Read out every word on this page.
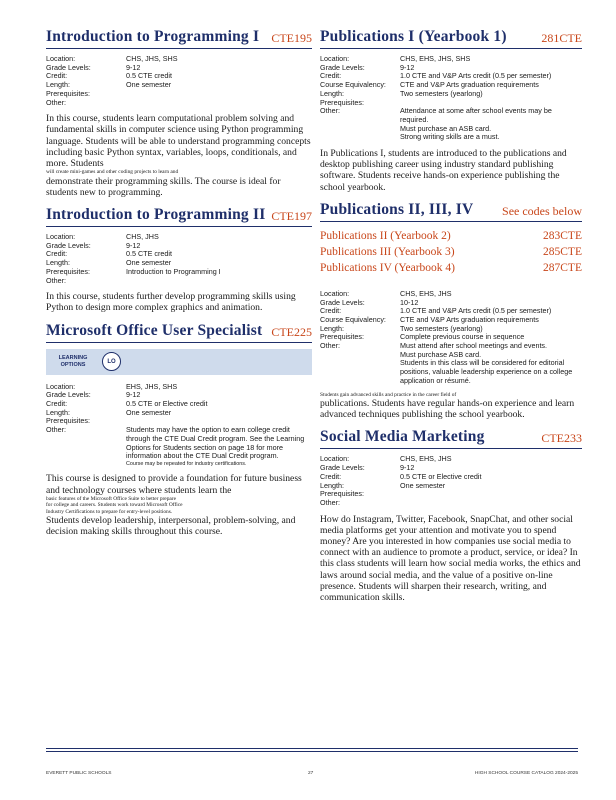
Introduction to Programming I CTE195
Location:	CHS, JHS, SHS
Grade Levels:	9-12
Credit:	0.5 CTE credit
Length:	One semester
Prerequisites:
Other:
In this course, students learn computational problem solving and fundamental skills in computer science using Python programming language. Students will be able to understand programming concepts including basic Python syntax, variables, loops, conditionals, and more. Students
will create mini-games and other coding projects to learn and
demonstrate their programming skills. The course is ideal for students new to programming.
Introduction to Programming II CTE197
Location:	CHS, JHS
Grade Levels:	9-12
Credit:	0.5 CTE credit
Length:	One semester
Prerequisites:	Introduction to Programming I
Other:
In this course, students further develop programming skills using Python to design more complex graphics and animation.
Microsoft Office User Specialist CTE225
LEARNING OPTIONS	LO
Location:	EHS, JHS, SHS
Grade Levels:	9-12
Credit:	0.5 CTE or Elective credit
Length:	One semester
Prerequisites:
Other:	Students may have the option to earn college credit through the CTE Dual Credit program. See the Learning Options for Students section on page 18 for more information about the CTE Dual Credit program.
Course may be repeated for industry certifications.
This course is designed to provide a foundation for future business and technology courses where students learn the
basic features of the Microsoft Office Suite to better prepare
for college and careers. Students work toward Microsoft Office
Industry Certifications to prepare for entry-level positions.
Students develop leadership, interpersonal, problem-solving, and decision making skills throughout this course.
Publications I (Yearbook 1)	281CTE
Location:	CHS, EHS, JHS, SHS
Grade Levels:	9-12
Credit:	1.0 CTE and V&P Arts credit (0.5 per semester)
Course Equivalency:	CTE and V&P Arts graduation requirements
Length:	Two semesters (yearlong)
Prerequisites:
Other:	Attendance at some after school events may be required.
Must purchase an ASB card.
Strong writing skills are a must.
In Publications I, students are introduced to the publications and desktop publishing career using industry standard publishing software. Students receive hands-on experience publishing the school yearbook.
Publications II, III, IV See codes below
Publications II (Yearbook 2)	283CTE
Publications III (Yearbook 3)	285CTE
Publications IV (Yearbook 4)	287CTE
Location:	CHS, EHS, JHS
Grade Levels:	10-12
Credit:	1.0 CTE and V&P Arts credit (0.5 per semester)
Course Equivalency:	CTE and V&P Arts graduation requirements
Length:	Two semesters (yearlong)
Prerequisites:	Complete previous course in sequence
Other:	Must attend after school meetings and events.
Must purchase ASB card.
Students in this class will be considered for editorial positions, valuable leadership experience on a college application or résumé.
Students gain advanced skills and practice in the career field of
publications. Students have regular hands-on experience and learn advanced techniques publishing the school yearbook.
Social Media Marketing	CTE233
Location:	CHS, EHS, JHS
Grade Levels:	9-12
Credit:	0.5 CTE or Elective credit
Length:	One semester
Prerequisites:
Other:
How do Instagram, Twitter, Facebook, SnapChat, and other social media platforms get your attention and motivate you to spend money? Are you interested in how companies use social media to connect with an audience to promote a product, service, or idea? In this class students will learn how social media works, the ethics and laws around social media, and the value of a positive on-line presence. Students will sharpen their research, writing, and communication skills.
EVERETT PUBLIC SCHOOLS	27	HIGH SCHOOL COURSE CATALOG 2024-2025
